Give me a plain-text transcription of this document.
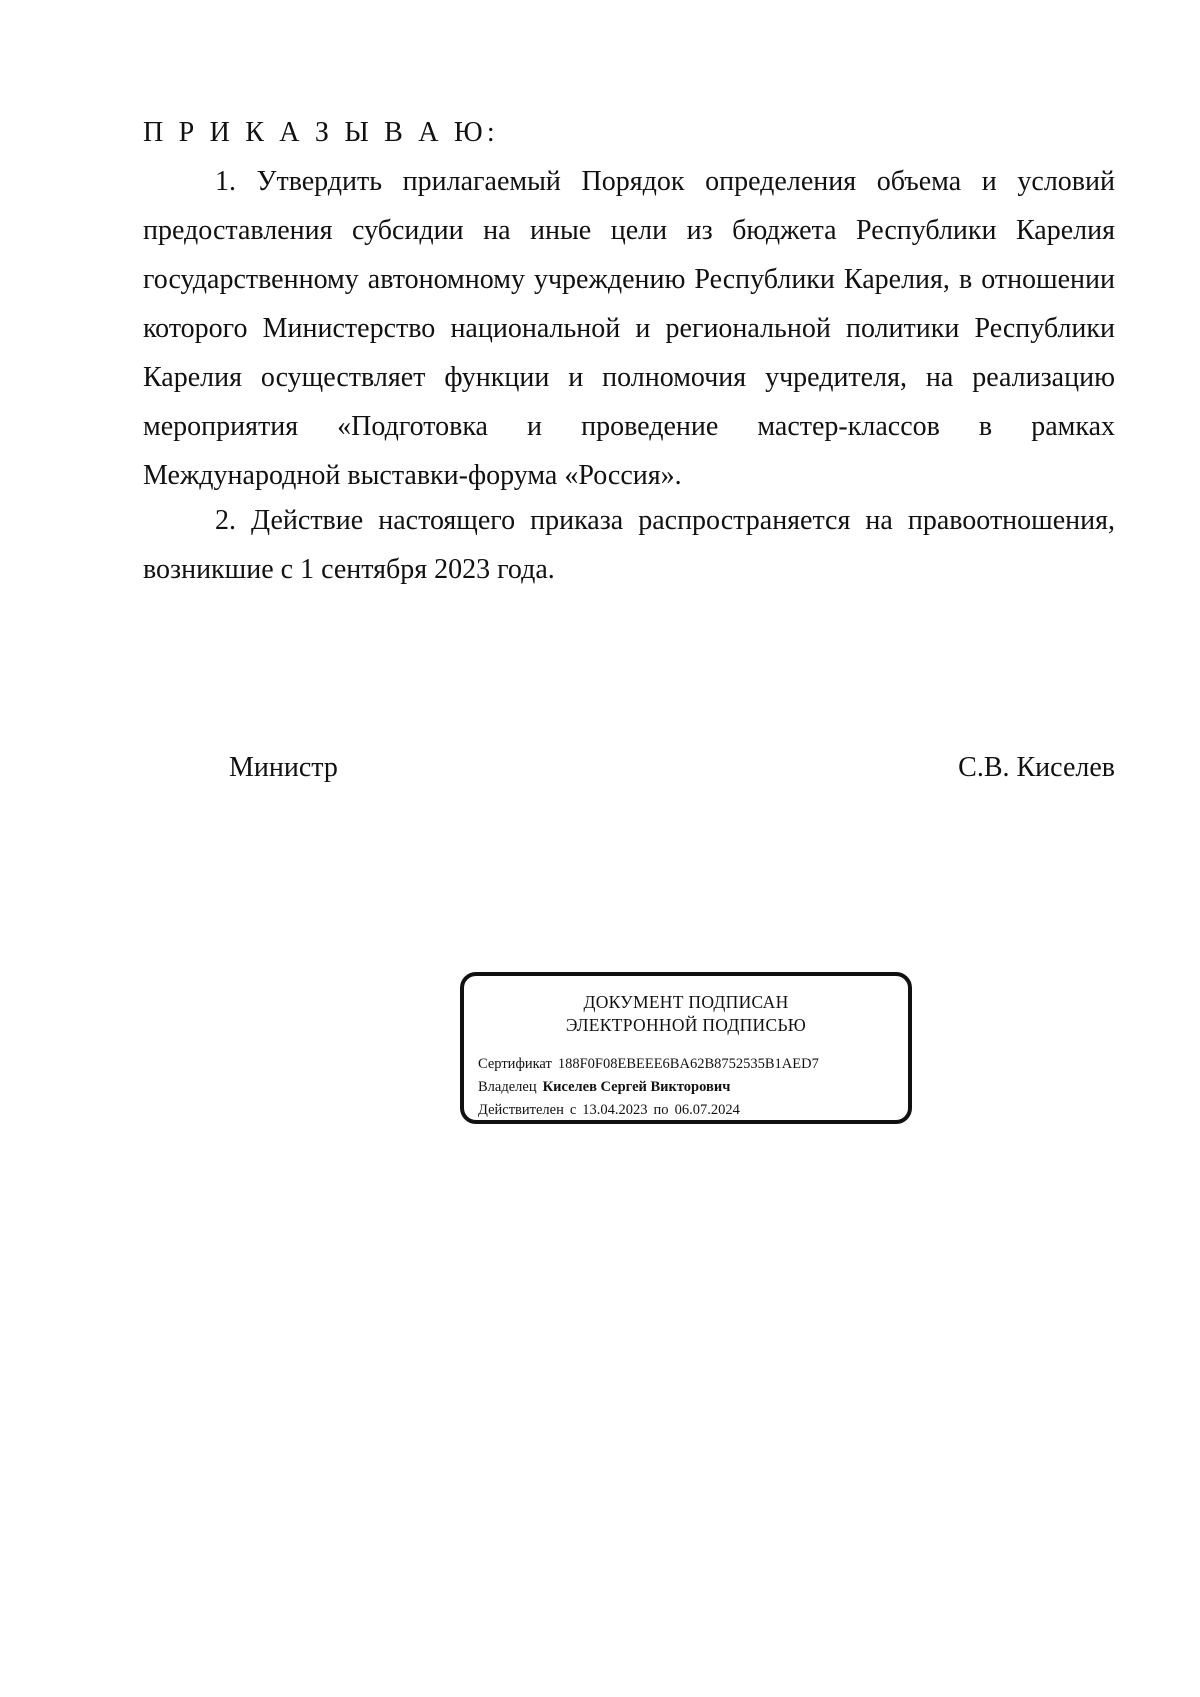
П Р И К А З Ы В А Ю:

1. Утвердить прилагаемый Порядок определения объема и условий предоставления субсидии на иные цели из бюджета Республики Карелия государственному автономному учреждению Республики Карелия, в отношении которого Министерство национальной и региональной политики Республики Карелия осуществляет функции и полномочия учредителя, на реализацию мероприятия «Подготовка и проведение мастер-классов в рамках Международной выставки-форума «Россия».

2. Действие настоящего приказа распространяется на правоотношения, возникшие с 1 сентября 2023 года.

Министр	С.В. Киселев
ДОКУМЕНТ ПОДПИСАН
ЭЛЕКТРОННОЙ ПОДПИСЬЮ
Сертификат 188F0F08EBEEE6BA62B8752535B1AED7
Владелец Киселев Сергей Викторович
Действителен с 13.04.2023 по 06.07.2024
